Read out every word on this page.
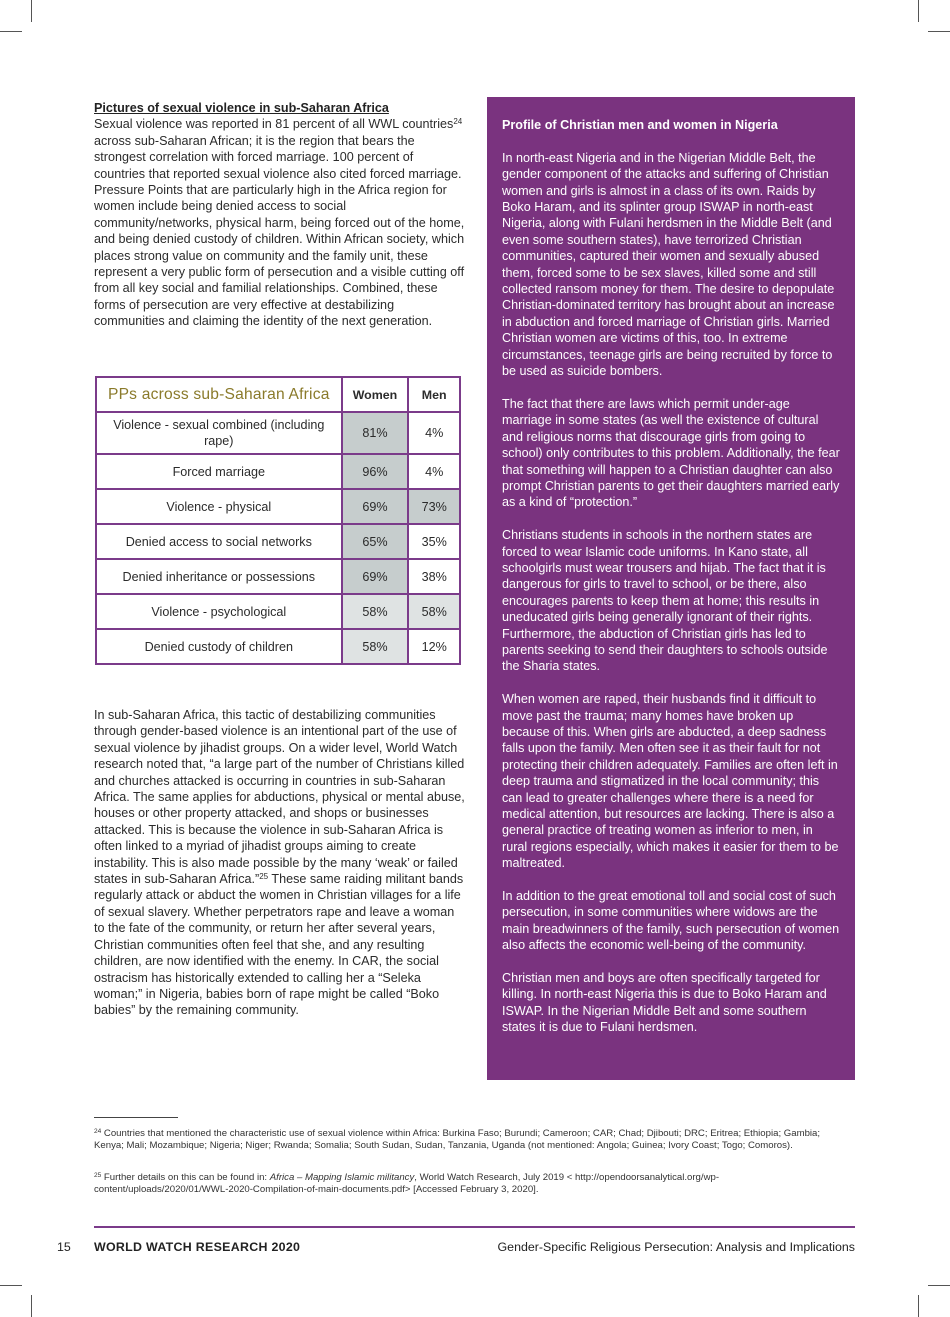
Pictures of sexual violence in sub-Saharan Africa

Sexual violence was reported in 81 percent of all WWL countries$^{24}$ across sub-Saharan African; it is the region that bears the strongest correlation with forced marriage. 100 percent of countries that reported sexual violence also cited forced marriage. Pressure Points that are particularly high in the Africa region for women include being denied access to social community/networks, physical harm, being forced out of the home, and being denied custody of children. Within African society, which places strong value on community and the family unit, these represent a very public form of persecution and a visible cutting off from all key social and familial relationships. Combined, these forms of persecution are very effective at destabilizing communities and claiming the identity of the next generation.

PPs across sub-Saharan Africa	Women	Men
Violence - sexual combined (including rape)	81%	4%
Forced marriage	96%	4%
Violence - physical	69%	73%
Denied access to social networks	65%	35%
Denied inheritance or possessions	69%	38%
Violence - psychological	58%	58%
Denied custody of children	58%	12%

In sub-Saharan Africa, this tactic of destabilizing communities through gender-based violence is an intentional part of the use of sexual violence by jihadist groups. On a wider level, World Watch research noted that, “a large part of the number of Christians killed and churches attacked is occurring in countries in sub-Saharan Africa. The same applies for abductions, physical or mental abuse, houses or other property attacked, and shops or businesses attacked. This is because the violence in sub-Saharan Africa is often linked to a myriad of jihadist groups aiming to create instability. This is also made possible by the many ‘weak’ or failed states in sub-Saharan Africa.”$^{25}$ These same raiding militant bands regularly attack or abduct the women in Christian villages for a life of sexual slavery. Whether perpetrators rape and leave a woman to the fate of the community, or return her after several years, Christian communities often feel that she, and any resulting children, are now identified with the enemy. In CAR, the social ostracism has historically extended to calling her a “Seleka woman;” in Nigeria, babies born of rape might be called “Boko babies” by the remaining community.

Profile of Christian men and women in Nigeria

In north-east Nigeria and in the Nigerian Middle Belt, the gender component of the attacks and suffering of Christian women and girls is almost in a class of its own. Raids by Boko Haram, and its splinter group ISWAP in north-east Nigeria, along with Fulani herdsmen in the Middle Belt (and even some southern states), have terrorized Christian communities, captured their women and sexually abused them, forced some to be sex slaves, killed some and still collected ransom money for them. The desire to depopulate Christian-dominated territory has brought about an increase in abduction and forced marriage of Christian girls. Married Christian women are victims of this, too. In extreme circumstances, teenage girls are being recruited by force to be used as suicide bombers.

The fact that there are laws which permit under-age marriage in some states (as well the existence of cultural and religious norms that discourage girls from going to school) only contributes to this problem. Additionally, the fear that something will happen to a Christian daughter can also prompt Christian parents to get their daughters married early as a kind of “protection.”

Christians students in schools in the northern states are forced to wear Islamic code uniforms. In Kano state, all schoolgirls must wear trousers and hijab. The fact that it is dangerous for girls to travel to school, or be there, also encourages parents to keep them at home; this results in uneducated girls being generally ignorant of their rights. Furthermore, the abduction of Christian girls has led to parents seeking to send their daughters to schools outside the Sharia states.

When women are raped, their husbands find it difficult to move past the trauma; many homes have broken up because of this. When girls are abducted, a deep sadness falls upon the family. Men often see it as their fault for not protecting their children adequately. Families are often left in deep trauma and stigmatized in the local community; this can lead to greater challenges where there is a need for medical attention, but resources are lacking. There is also a general practice of treating women as inferior to men, in rural regions especially, which makes it easier for them to be maltreated.

In addition to the great emotional toll and social cost of such persecution, in some communities where widows are the main breadwinners of the family, such persecution of women also affects the economic well-being of the community.

Christian men and boys are often specifically targeted for killing. In north-east Nigeria this is due to Boko Haram and ISWAP. In the Nigerian Middle Belt and some southern states it is due to Fulani herdsmen.

$^{24}$ Countries that mentioned the characteristic use of sexual violence within Africa: Burkina Faso; Burundi; Cameroon; CAR; Chad; Djibouti; DRC; Eritrea; Ethiopia; Gambia; Kenya; Mali; Mozambique; Nigeria; Niger; Rwanda; Somalia; South Sudan, Sudan, Tanzania, Uganda (not mentioned: Angola; Guinea; Ivory Coast; Togo; Comoros).

$^{25}$ Further details on this can be found in: Africa – Mapping Islamic militancy, World Watch Research, July 2019 < http://opendoorsanalytical.org/wp-content/uploads/2020/01/WWL-2020-Compilation-of-main-documents.pdf> [Accessed February 3, 2020].

15 WORLD WATCH RESEARCH 2020	Gender-Specific Religious Persecution: Analysis and Implications
